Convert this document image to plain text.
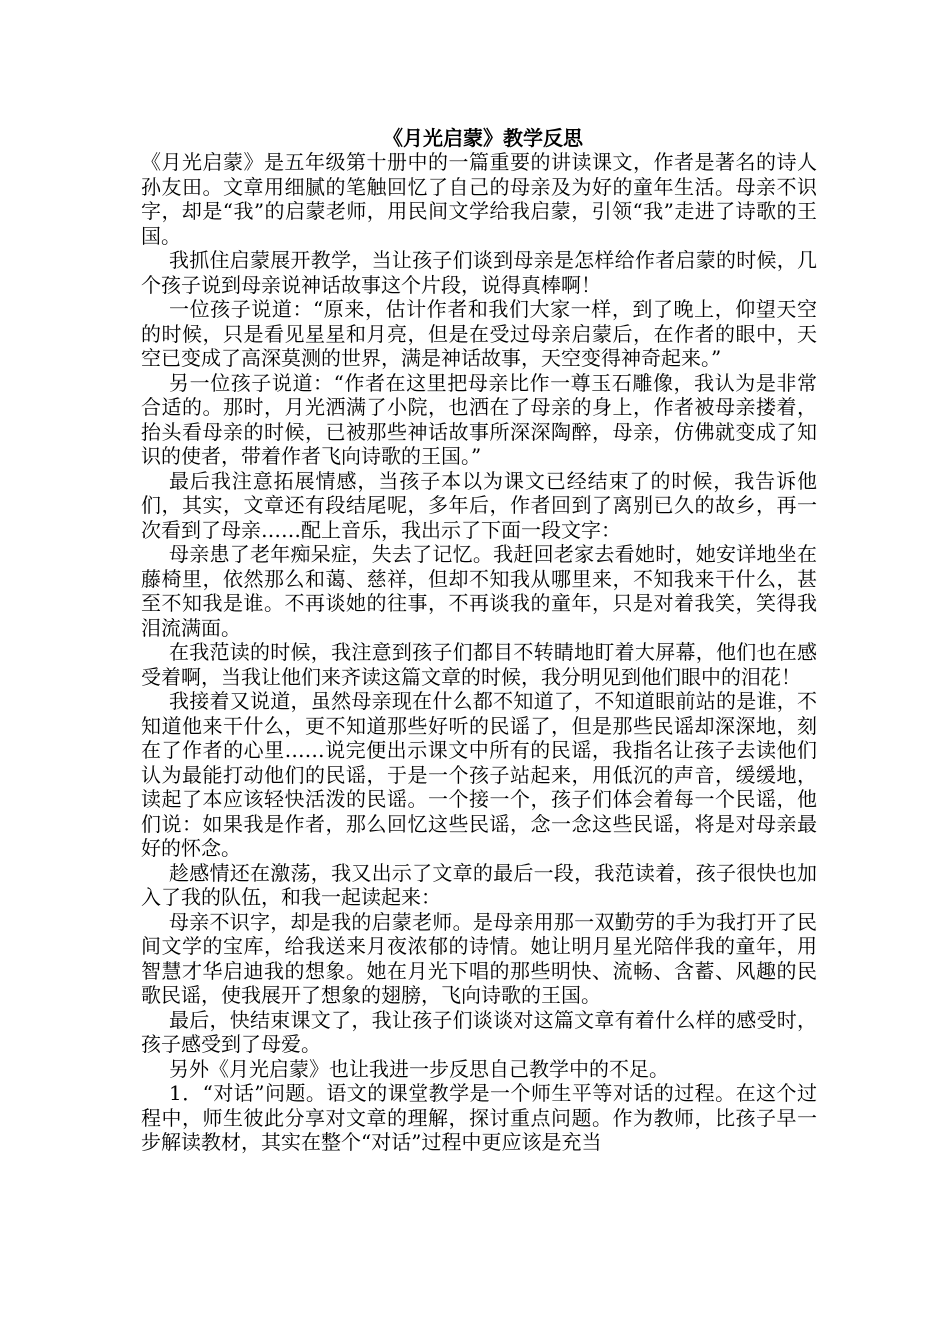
《月光启蒙》教学反思

《月光启蒙》是五年级第十册中的一篇重要的讲读课文，作者是著名的诗人孙友田。文章用细腻的笔触回忆了自己的母亲及为好的童年生活。母亲不识字，却是“我”的启蒙老师，用民间文学给我启蒙，引领“我”走进了诗歌的王国。

我抓住启蒙展开教学，当让孩子们谈到母亲是怎样给作者启蒙的时候，几个孩子说到母亲说神话故事这个片段，说得真棒啊！

一位孩子说道：“原来，估计作者和我们大家一样，到了晚上，仰望天空的时候，只是看见星星和月亮，但是在受过母亲启蒙后，在作者的眼中，天空已变成了高深莫测的世界，满是神话故事，天空变得神奇起来。”

另一位孩子说道：“作者在这里把母亲比作一尊玉石雕像，我认为是非常合适的。那时，月光洒满了小院，也洒在了母亲的身上，作者被母亲搂着，抬头看母亲的时候，已被那些神话故事所深深陶醉，母亲，仿佛就变成了知识的使者，带着作者飞向诗歌的王国。”

最后我注意拓展情感，当孩子本以为课文已经结束了的时候，我告诉他们，其实，文章还有段结尾呢，多年后，作者回到了离别已久的故乡，再一次看到了母亲……配上音乐，我出示了下面一段文字：

母亲患了老年痴呆症，失去了记忆。我赶回老家去看她时，她安详地坐在藤椅里，依然那么和蔼、慈祥，但却不知我从哪里来，不知我来干什么，甚至不知我是谁。不再谈她的往事，不再谈我的童年，只是对着我笑，笑得我泪流满面。

在我范读的时候，我注意到孩子们都目不转睛地盯着大屏幕，他们也在感受着啊，当我让他们来齐读这篇文章的时候，我分明见到他们眼中的泪花！

我接着又说道，虽然母亲现在什么都不知道了，不知道眼前站的是谁，不知道他来干什么，更不知道那些好听的民谣了，但是那些民谣却深深地，刻在了作者的心里……说完便出示课文中所有的民谣，我指名让孩子去读他们认为最能打动他们的民谣，于是一个孩子站起来，用低沉的声音，缓缓地，读起了本应该轻快活泼的民谣。一个接一个，孩子们体会着每一个民谣，他们说：如果我是作者，那么回忆这些民谣，念一念这些民谣，将是对母亲最好的怀念。

趁感情还在激荡，我又出示了文章的最后一段，我范读着，孩子很快也加入了我的队伍，和我一起读起来：

母亲不识字，却是我的启蒙老师。是母亲用那一双勤劳的手为我打开了民间文学的宝库，给我送来月夜浓郁的诗情。她让明月星光陪伴我的童年，用智慧才华启迪我的想象。她在月光下唱的那些明快、流畅、含蓄、风趣的民歌民谣，使我展开了想象的翅膀，飞向诗歌的王国。

最后，快结束课文了，我让孩子们谈谈对这篇文章有着什么样的感受时，孩子感受到了母爱。

另外《月光启蒙》也让我进一步反思自己教学中的不足。

1．“对话”问题。语文的课堂教学是一个师生平等对话的过程。在这个过程中，师生彼此分享对文章的理解，探讨重点问题。作为教师，比孩子早一步解读教材，其实在整个“对话”过程中更应该是充当
